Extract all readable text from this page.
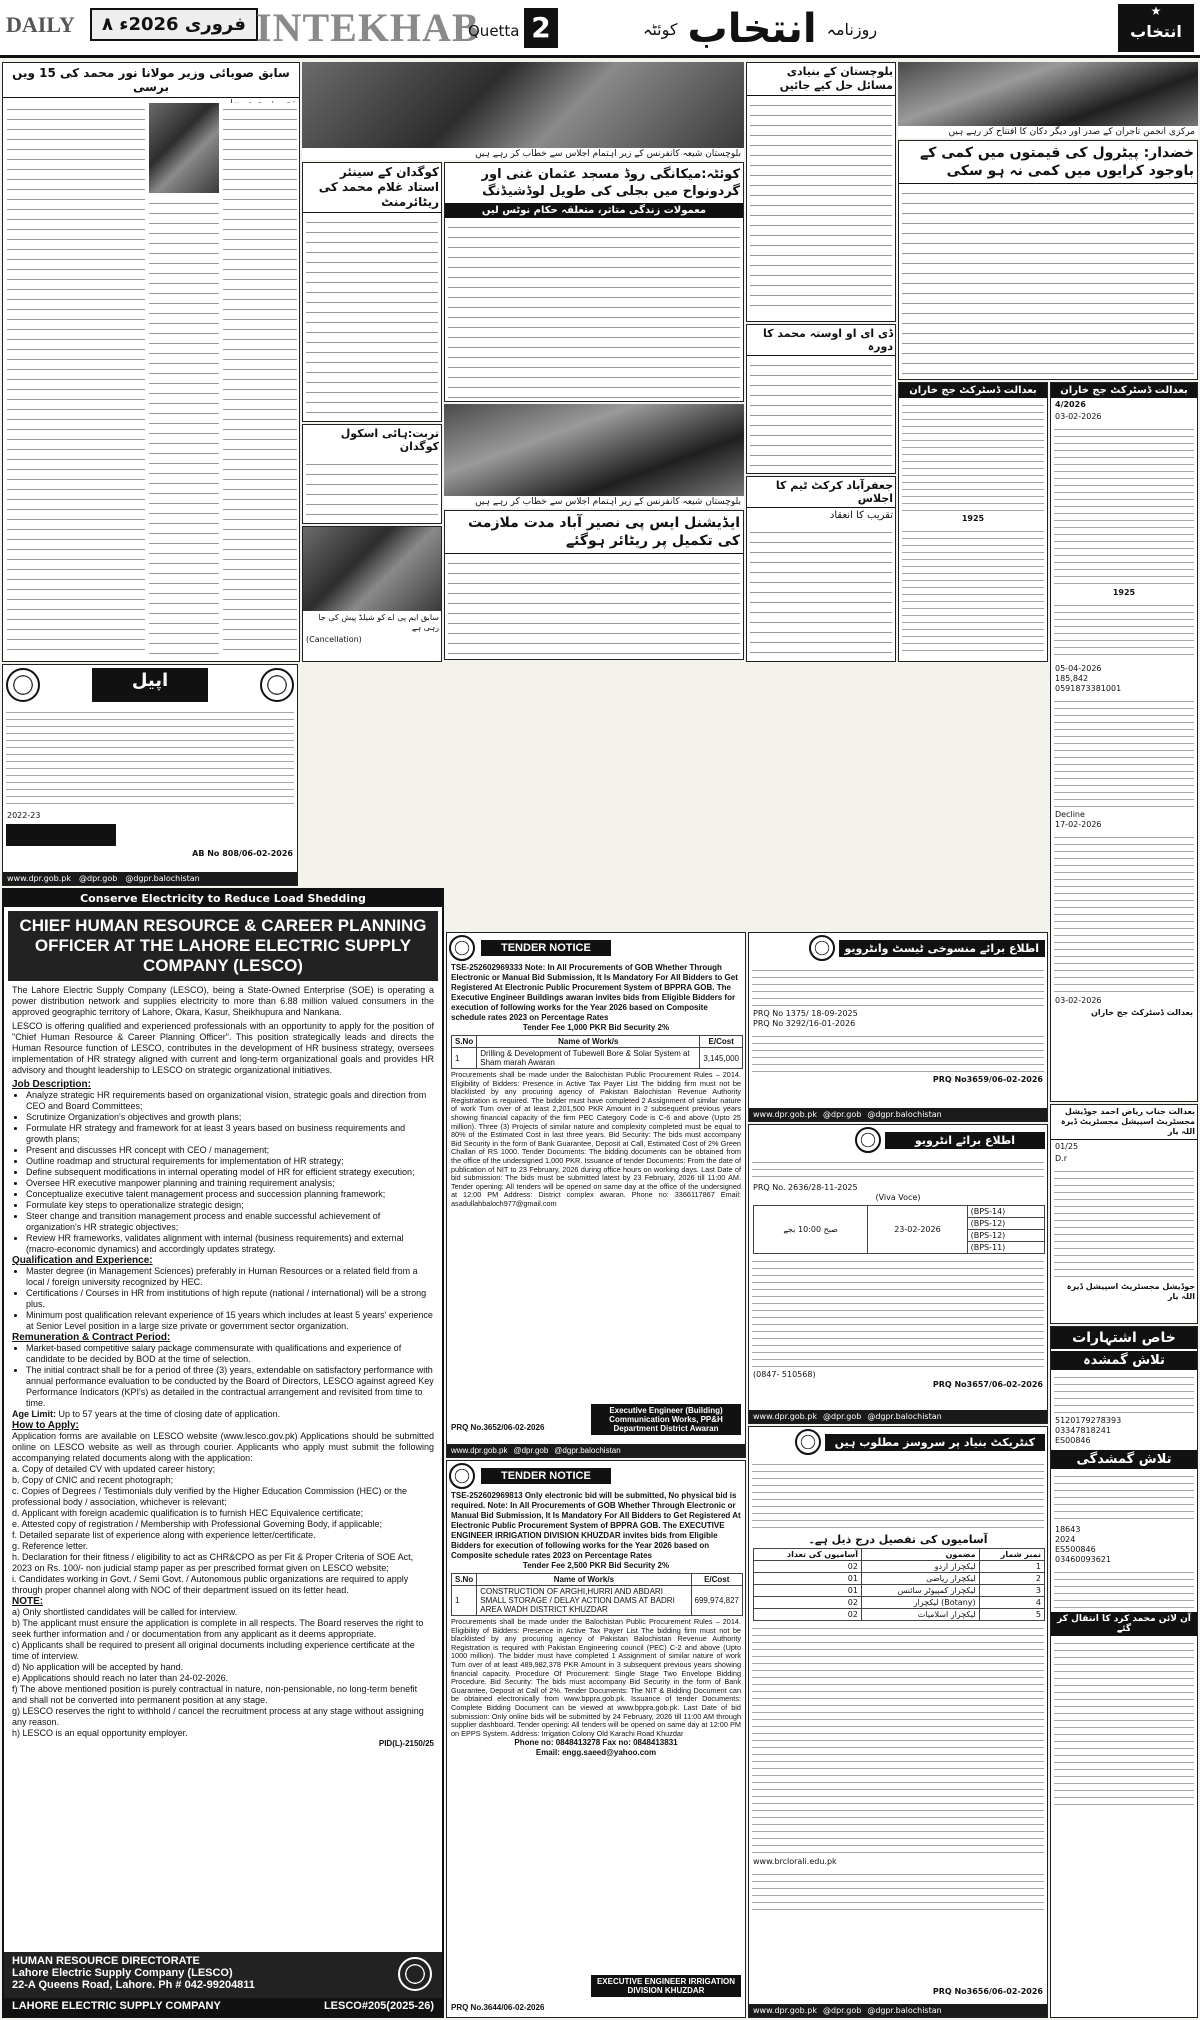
DAILY	۸ فروری 2026ء INTEKHAB
Quetta 2	روزنامہ
انتخاب
کوئٹہ
★
انتخاب
سابق صوبائی وزیر مولانا نور محمد کی 15 ویں برسی
بلوچستان شیعہ کانفرنس کے زیر اہتمام اجلاس سے خطاب کر رہے ہیں
کوگدان کے سینئر استاد غلام محمد کی ریٹائرمنٹ
تربت:ہائی اسکول کوگدان
کوئٹہ:میکانگی روڈ مسجد عثمان غنی اور گردونواح میں بجلی کی طویل لوڈشیڈنگ
معمولات زندگی متاثر، متعلقہ حکام نوٹس لیں
بلوچستان شیعہ کانفرنس کے زیر اہتمام اجلاس سے خطاب کر رہے ہیں
ایڈیشنل ایس پی نصیر آباد مدت ملازمت کی تکمیل پر ریٹائر ہوگئے
سابق ایم پی اے کو شیلڈ پیش کی جا رہی ہے
(Cancellation)
بلوچستان کے بنیادی مسائل حل کیے جائیں
ڈی ای او اوستہ محمد کا دورہ
جعفرآباد کرکٹ ٹیم کا اجلاس
تقریب کا انعقاد
مرکزی انجمن تاجران کے صدر اور دیگر دکان کا افتتاح کر رہے ہیں
خضدار: پیٹرول کی قیمتوں میں کمی کے باوجود کرایوں میں کمی نہ ہو سکی
بعدالت ڈسٹرکٹ جج خاران
1925
بعدالت ڈسٹرکٹ جج خاران
4/2026
03-02-2026
1925
05-04-2026
185,842
0591873381001
Decline
17-02-2026
03-02-2026
بعدالت ڈسٹرکٹ جج خاران
اپیل
2022-23
AB No 808/06-02-2026
www.dpr.gob.pk @dpr.gob @dgpr.balochistan
Conserve Electricity to Reduce Load Shedding
CHIEF HUMAN RESOURCE & CAREER PLANNING OFFICER AT THE LAHORE ELECTRIC SUPPLY COMPANY (LESCO)

The Lahore Electric Supply Company (LESCO), being a State-Owned Enterprise (SOE) is operating a power distribution network and supplies electricity to more than 6.88 million valued consumers in the approved geographic territory of Lahore, Okara, Kasur, Sheikhupura and Nankana.

LESCO is offering qualified and experienced professionals with an opportunity to apply for the position of "Chief Human Resource & Career Planning Officer". This position strategically leads and directs the Human Resource function of LESCO, contributes in the development of HR business strategy, oversees implementation of HR strategy aligned with current and long-term organizational goals and provides HR advisory and thought leadership to LESCO on strategic organizational initiatives.

Job Description:
• Analyze strategic HR requirements based on organizational vision, strategic goals and direction from CEO and Board Committees;
• Scrutinize Organization's objectives and growth plans;
• Formulate HR strategy and framework for at least 3 years based on business requirements and growth plans;
• Present and discusses HR concept with CEO / management;
• Outline roadmap and structural requirements for implementation of HR strategy;
• Define subsequent modifications in internal operating model of HR for efficient strategy execution;
• Oversee HR executive manpower planning and training requirement analysis;
• Conceptualize executive talent management process and succession planning framework;
• Formulate key steps to operationalize strategic design;
• Steer change and transition management process and enable successful achievement of organization's HR strategic objectives;
• Review HR frameworks, validates alignment with internal (business requirements) and external (macro-economic dynamics) and accordingly updates strategy.
Qualification and Experience:
• Master degree (in Management Sciences) preferably in Human Resources or a related field from a local / foreign university recognized by HEC.
• Certifications / Courses in HR from institutions of high repute (national / international) will be a strong plus.
• Minimum post qualification relevant experience of 15 years which includes at least 5 years' experience at Senior Level position in a large size private or government sector organization.
Remuneration & Contract Period:
• Market-based competitive salary package commensurate with qualifications and experience of candidate to be decided by BOD at the time of selection.
• The initial contract shall be for a period of three (3) years, extendable on satisfactory performance with annual performance evaluation to be conducted by the Board of Directors, LESCO against agreed Key Performance Indicators (KPI's) as detailed in the contractual arrangement and revisited from time to time.
Age Limit: Up to 57 years at the time of closing date of application.
How to Apply:

Application forms are available on LESCO website (www.lesco.gov.pk) Applications should be submitted online on LESCO website as well as through courier. Applicants who apply must submit the following accompanying related documents along with the application:

a. Copy of detailed CV with updated career history;
b. Copy of CNIC and recent photograph;
c. Copies of Degrees / Testimonials duly verified by the Higher Education Commission (HEC) or the professional body / association, whichever is relevant;
d. Applicant with foreign academic qualification is to furnish HEC Equivalence certificate;
e. Attested copy of registration / Membership with Professional Governing Body, if applicable;
f. Detailed separate list of experience along with experience letter/certificate.
g. Reference letter.
h. Declaration for their fitness / eligibility to act as CHR&CPO as per Fit & Proper Criteria of SOE Act, 2023 on Rs. 100/- non judicial stamp paper as per prescribed format given on LESCO website;
i. Candidates working in Govt. / Semi Govt. / Autonomous public organizations are required to apply through proper channel along with NOC of their department issued on its letter head.
NOTE:
a) Only shortlisted candidates will be called for interview.
b) The applicant must ensure the application is complete in all respects. The Board reserves the right to seek further information and / or documentation from any applicant as it deems appropriate.
c) Applicants shall be required to present all original documents including experience certificate at the time of interview.
d) No application will be accepted by hand.
e) Applications should reach no later than 24-02-2026.
f) The above mentioned position is purely contractual in nature, non-pensionable, no long-term benefit and shall not be converted into permanent position at any stage.
g) LESCO reserves the right to withhold / cancel the recruitment process at any stage without assigning any reason.
h) LESCO is an equal opportunity employer.
PID(L)-2150/25
HUMAN RESOURCE DIRECTORATE
Lahore Electric Supply Company (LESCO)
22-A Queens Road, Lahore. Ph # 042-99204811
LAHORE ELECTRIC SUPPLY COMPANY	LESCO#205(2025-26)
TENDER NOTICE

TSE-252602969333 Note: In All Procurements of GOB Whether Through Electronic or Manual Bid Submission, It Is Mandatory For All Bidders to Get Registered At Electronic Public Procurement System of BPPRA GOB. The Executive Engineer Buildings awaran invites bids from Eligible Bidders for execution of following works for the Year 2026 based on Composite schedule rates 2023 on Percentage Rates

Tender Fee 1,000 PKR Bid Security 2%
S.No	Name of Work/s	E/Cost
1	Drilling & Development of Tubewell Bore & Solar System at Sham marah Awaran	3,145,000

Procurements shall be made under the Balochistan Public Procurement Rules – 2014. Eligibility of Bidders: Presence in Active Tax Payer List The bidding firm must not be blacklisted by any procuring agency of Pakistan Balochistan Revenue Authority Registration is required. The bidder must have completed 2 Assignment of similar nature of work Turn over of at least 2,201,500 PKR Amount in 2 subsequent previous years showing financial capacity of the firm PEC Category Code is C-6 and above (Upto 25 million). Three (3) Projects of similar nature and complexity completed must be equal to 80% of the Estimated Cost in last three years. Bid Security: The bids must accompany Bid Security in the form of Bank Guarantee, Deposit at Call, Estimated Cost of 2% Green Challan of RS 1000. Tender Documents: The bidding documents can be obtained from the office of the undersigned 1,000 PKR. Issuance of tender Documents: From the date of publication of NIT to 23 February, 2026 during office hours on working days. Last Date of bid submission: The bids must be submitted latest by 23 February, 2026 till 11:00 AM. Tender opening: All tenders will be opened on same day at the office of the undersigned at 12:00 PM Address: District complex awaran. Phone no: 3366117867 Email: asadullahbaloch977@gmail.com

Executive Engineer (Building) Communication Works, PP&H Department District Awaran
PRQ No.3652/06-02-2026
www.dpr.gob.pk @dpr.gob @dgpr.balochistan
TENDER NOTICE

TSE-252602969813 Only electronic bid will be submitted, No physical bid is required. Note: In All Procurements of GOB Whether Through Electronic or Manual Bid Submission, It Is Mandatory For All Bidders to Get Registered At Electronic Public Procurement System of BPPRA GOB. The EXECUTIVE ENGINEER IRRIGATION DIVISION KHUZDAR invites bids from Eligible Bidders for execution of following works for the Year 2026 based on Composite schedule rates 2023 on Percentage Rates

Tender Fee 2,500 PKR Bid Security 2%
S.No	Name of Work/s	E/Cost
1	CONSTRUCTION OF ARGHI,HURRI AND ABDARI SMALL STORAGE / DELAY ACTION DAMS AT BADRI AREA WADH DISTRICT KHUZDAR	699,974,827

Procurements shall be made under the Balochistan Public Procurement Rules – 2014. Eligibility of Bidders: Presence in Active Tax Payer List The bidding firm must not be blacklisted by any procuring agency of Pakistan Balochistan Revenue Authority Registration is required with Pakistan Engineering council (PEC) C-2 and above (Upto 1000 million). The bidder must have completed 1 Assignment of similar nature of work Turn over of at least 489,982,378 PKR Amount in 3 subsequent previous years showing financial capacity. Procedure Of Procurement: Single Stage Two Envelope Bidding Procedure. Bid Security: The bids must accompany Bid Security in the form of Bank Guarantee, Deposit at Call of 2%. Tender Documents: The NIT & Bidding Document can be obtained electronically from www.bppra.gob.pk. Issuance of tender Documents: Complete Bidding Document can be viewed at www.bppra.gob.pk. Last Date of bid submission: Only online bids will be submitted by 24 February, 2026 till 11:00 AM through supplier dashboard. Tender opening: All tenders will be opened on same day at 12:00 PM on EPPS System. Address: Irrigation Colony Old Karachi Road Khuzdar

Phone no: 0848413278 Fax no: 0848413831
Email: engg.saeed@yahoo.com
EXECUTIVE ENGINEER IRRIGATION DIVISION KHUZDAR
PRQ No.3644/06-02-2026
اطلاع برائے منسوخی ٹیسٹ وانٹرویو
PRQ No 1375/ 18-09-2025
PRQ No 3292/16-01-2026
PRQ No3659/06-02-2026
www.dpr.gob.pk @dpr.gob @dgpr.balochistan
اطلاع برائے انٹرویو
PRQ No. 2636/28-11-2025
(Viva Voce)
صبح 10:00 بجے	23-02-2026	(BPS-14)
(BPS-12)
(BPS-12)
(BPS-11)
(0847- 510568)
PRQ No3657/06-02-2026
www.dpr.gob.pk @dpr.gob @dgpr.balochistan
کنٹریکٹ بنیاد پر سروسز مطلوب ہیں
آسامیوں کی تفصیل درج ذیل ہے۔
نمبر شمار	مضمون	آسامیوں کی تعداد
1	لیکچرار اردو	02
2	لیکچرار ریاضی	01
3	لیکچرار کمپیوٹر سائنس	01
4	(Botany) لیکچرار	02
5	لیکچرار اسلامیات	02
www.brclorali.edu.pk
PRQ No3656/06-02-2026
www.dpr.gob.pk @dpr.gob @dgpr.balochistan
بعدالت جناب ریاض احمد جوڈیشل مجسٹریٹ اسپیشل مجسٹریٹ ڈیرہ اللہ یار
01/25
D.r
جوڈیشل مجسٹریٹ اسپیشل ڈیرہ اللہ یار
خاص اشتہارات
تلاش گمشدہ
5120179278393
03347818241
ES00846
تلاش گمشدگی
18643
2024
ES500846
03460093621
آن لائن محمد کرد کا انتقال کر گئے
